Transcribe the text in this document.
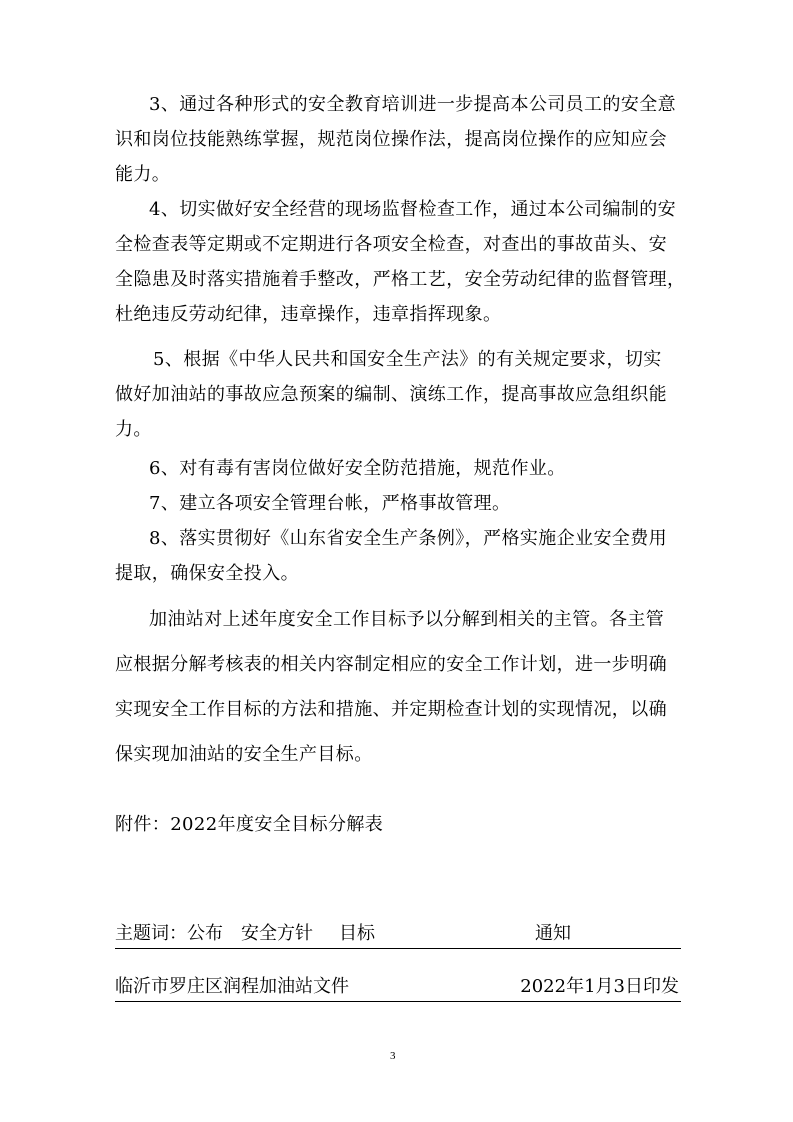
3、通过各种形式的安全教育培训进一步提高本公司员工的安全意
识和岗位技能熟练掌握，规范岗位操作法，提高岗位操作的应知应会
能力。
4、切实做好安全经营的现场监督检查工作，通过本公司编制的安
全检查表等定期或不定期进行各项安全检查，对查出的事故苗头、安
全隐患及时落实措施着手整改，严格工艺，安全劳动纪律的监督管理，
杜绝违反劳动纪律，违章操作，违章指挥现象。
5、根据《中华人民共和国安全生产法》的有关规定要求，切实
做好加油站的事故应急预案的编制、演练工作，提高事故应急组织能
力。
6、对有毒有害岗位做好安全防范措施，规范作业。
7、建立各项安全管理台帐，严格事故管理。
8、落实贯彻好《山东省安全生产条例》，严格实施企业安全费用
提取，确保安全投入。
加油站对上述年度安全工作目标予以分解到相关的主管。各主管
应根据分解考核表的相关内容制定相应的安全工作计划，进一步明确
实现安全工作目标的方法和措施、并定期检查计划的实现情况，以确
保实现加油站的安全生产目标。
附件：2022年度安全目标分解表
主题词： 公布 安全方针 目标	通知
临沂市罗庄区润程加油站文件	2022年1月3日印发
3
